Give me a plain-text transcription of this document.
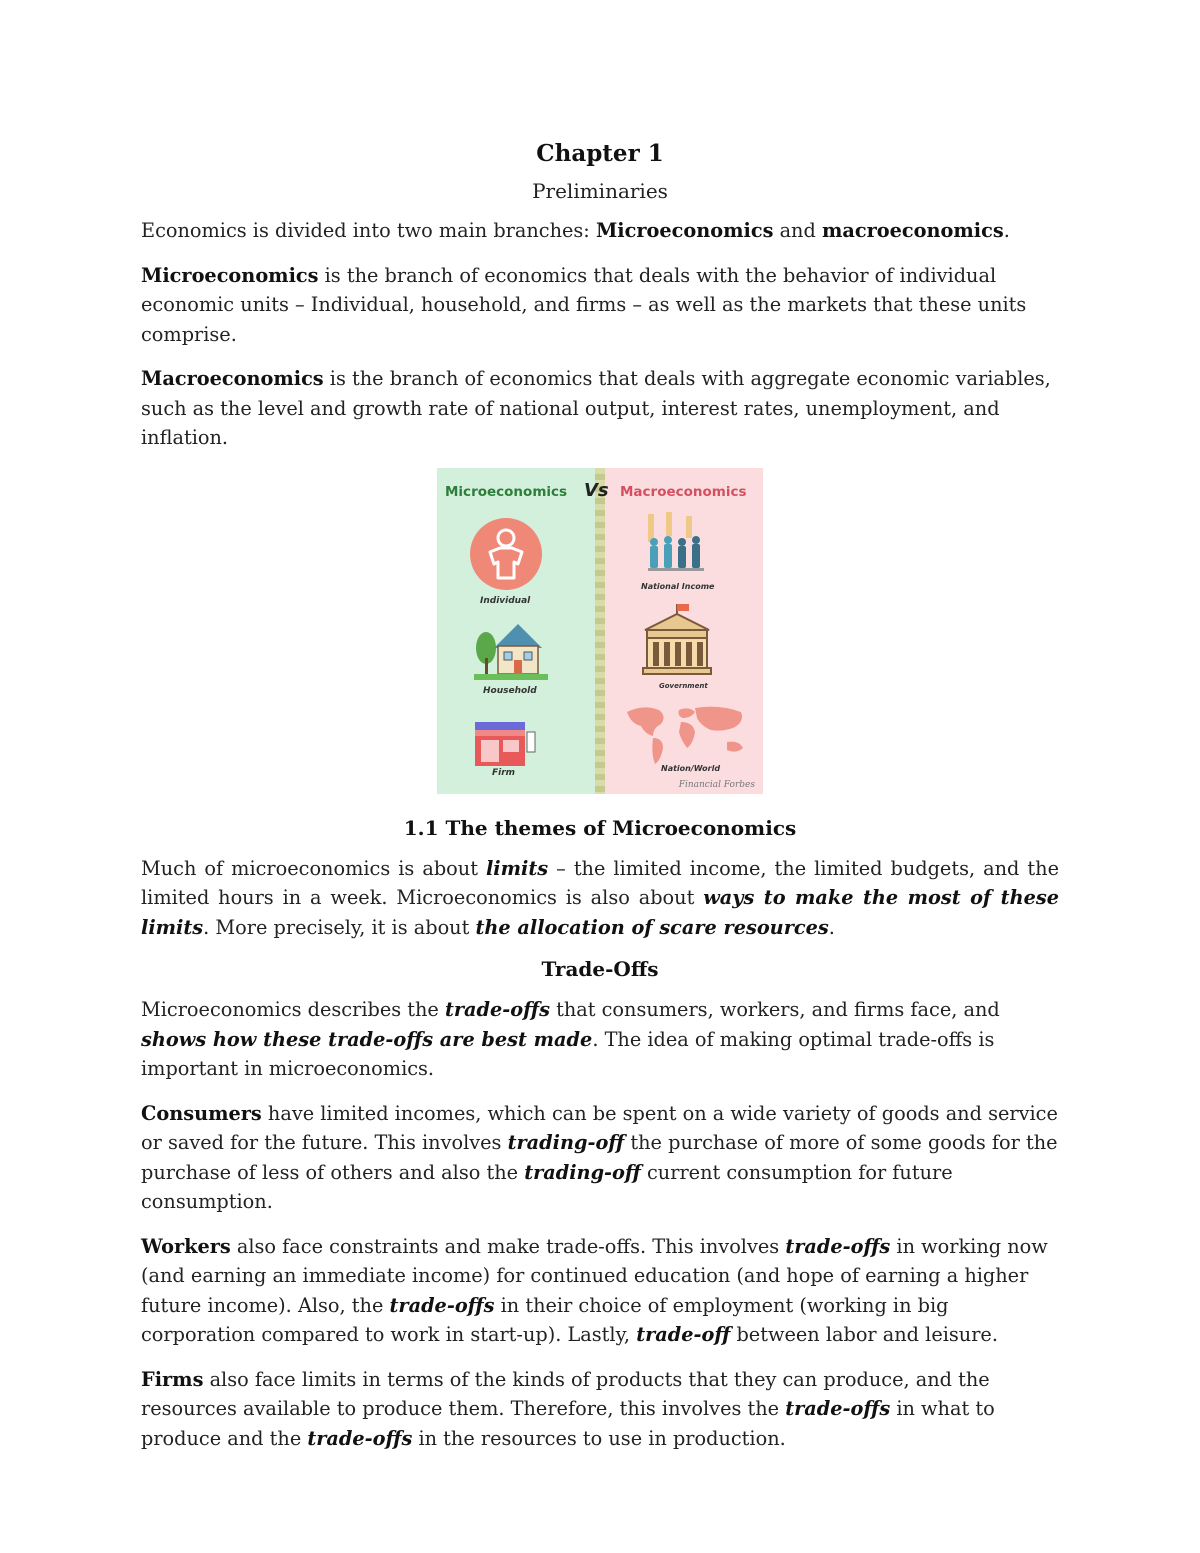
Chapter 1
Preliminaries

Economics is divided into two main branches: Microeconomics and macroeconomics.

Microeconomics is the branch of economics that deals with the behavior of individual economic units – Individual, household, and firms – as well as the markets that these units comprise.

Macroeconomics is the branch of economics that deals with aggregate economic variables, such as the level and growth rate of national output, interest rates, unemployment, and inflation.

Microeconomics Vs Macroeconomics
Individual
Household
Firm
National Income
Government
Nation/World
Financial Forbes
1.1 The themes of Microeconomics

Much of microeconomics is about limits – the limited income, the limited budgets, and the limited hours in a week. Microeconomics is also about ways to make the most of these limits. More precisely, it is about the allocation of scare resources.

Trade-Offs

Microeconomics describes the trade-offs that consumers, workers, and firms face, and shows how these trade-offs are best made. The idea of making optimal trade-offs is important in microeconomics.

Consumers have limited incomes, which can be spent on a wide variety of goods and service or saved for the future. This involves trading-off the purchase of more of some goods for the purchase of less of others and also the trading-off current consumption for future consumption.

Workers also face constraints and make trade-offs. This involves trade-offs in working now (and earning an immediate income) for continued education (and hope of earning a higher future income). Also, the trade-offs in their choice of employment (working in big corporation compared to work in start-up). Lastly, trade-off between labor and leisure.

Firms also face limits in terms of the kinds of products that they can produce, and the resources available to produce them. Therefore, this involves the trade-offs in what to produce and the trade-offs in the resources to use in production.
